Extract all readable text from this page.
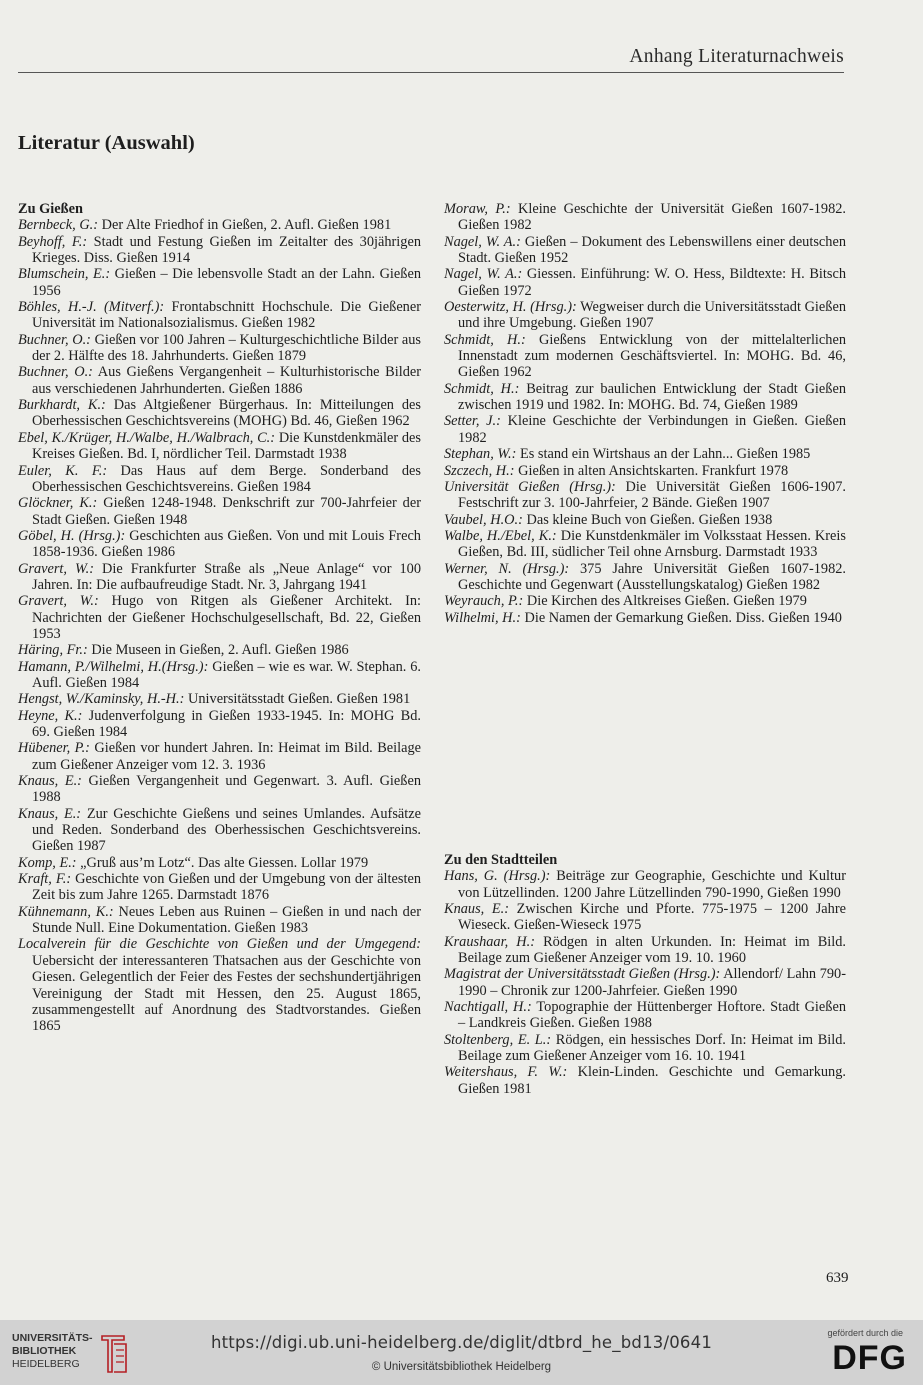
Anhang Literaturnachweis
Literatur (Auswahl)
Zu Gießen
Bernbeck, G.: Der Alte Friedhof in Gießen, 2. Aufl. Gießen 1981
Beyhoff, F.: Stadt und Festung Gießen im Zeitalter des 30jährigen Krieges. Diss. Gießen 1914
Blumschein, E.: Gießen – Die lebensvolle Stadt an der Lahn. Gießen 1956
Böhles, H.-J. (Mitverf.): Frontabschnitt Hochschule. Die Gießener Universität im Nationalsozialismus. Gießen 1982
Buchner, O.: Gießen vor 100 Jahren – Kulturgeschichtliche Bilder aus der 2. Hälfte des 18. Jahrhunderts. Gießen 1879
Buchner, O.: Aus Gießens Vergangenheit – Kulturhistorische Bilder aus verschiedenen Jahrhunderten. Gießen 1886
Burkhardt, K.: Das Altgießener Bürgerhaus. In: Mitteilungen des Oberhessischen Geschichtsvereins (MOHG) Bd. 46, Gießen 1962
Ebel, K./Krüger, H./Walbe, H./Walbrach, C.: Die Kunstdenkmäler des Kreises Gießen. Bd. I, nördlicher Teil. Darmstadt 1938
Euler, K. F.: Das Haus auf dem Berge. Sonderband des Oberhessischen Geschichtsvereins. Gießen 1984
Glöckner, K.: Gießen 1248-1948. Denkschrift zur 700-Jahrfeier der Stadt Gießen. Gießen 1948
Göbel, H. (Hrsg.): Geschichten aus Gießen. Von und mit Louis Frech 1858-1936. Gießen 1986
Gravert, W.: Die Frankfurter Straße als „Neue Anlage“ vor 100 Jahren. In: Die aufbaufreudige Stadt. Nr. 3, Jahrgang 1941
Gravert, W.: Hugo von Ritgen als Gießener Architekt. In: Nachrichten der Gießener Hochschulgesellschaft, Bd. 22, Gießen 1953
Häring, Fr.: Die Museen in Gießen, 2. Aufl. Gießen 1986
Hamann, P./Wilhelmi, H.(Hrsg.): Gießen – wie es war. W. Stephan. 6. Aufl. Gießen 1984
Hengst, W./Kaminsky, H.-H.: Universitätsstadt Gießen. Gießen 1981
Heyne, K.: Judenverfolgung in Gießen 1933-1945. In: MOHG Bd. 69. Gießen 1984
Hübener, P.: Gießen vor hundert Jahren. In: Heimat im Bild. Beilage zum Gießener Anzeiger vom 12. 3. 1936
Knaus, E.: Gießen Vergangenheit und Gegenwart. 3. Aufl. Gießen 1988
Knaus, E.: Zur Geschichte Gießens und seines Umlandes. Aufsätze und Reden. Sonderband des Oberhessischen Geschichtsvereins. Gießen 1987
Komp, E.: „Gruß aus’m Lotz“. Das alte Giessen. Lollar 1979
Kraft, F.: Geschichte von Gießen und der Umgebung von der ältesten Zeit bis zum Jahre 1265. Darmstadt 1876
Kühnemann, K.: Neues Leben aus Ruinen – Gießen in und nach der Stunde Null. Eine Dokumentation. Gießen 1983
Localverein für die Geschichte von Gießen und der Umgegend: Uebersicht der interessanteren Thatsachen aus der Geschichte von Giesen. Gelegentlich der Feier des Festes der sechshundertjährigen Vereinigung der Stadt mit Hessen, den 25. August 1865, zusammengestellt auf Anordnung des Stadtvorstandes. Gießen 1865
Moraw, P.: Kleine Geschichte der Universität Gießen 1607-1982. Gießen 1982
Nagel, W. A.: Gießen – Dokument des Lebenswillens einer deutschen Stadt. Gießen 1952
Nagel, W. A.: Giessen. Einführung: W. O. Hess, Bildtexte: H. Bitsch Gießen 1972
Oesterwitz, H. (Hrsg.): Wegweiser durch die Universitätsstadt Gießen und ihre Umgebung. Gießen 1907
Schmidt, H.: Gießens Entwicklung von der mittelalterlichen Innenstadt zum modernen Geschäftsviertel. In: MOHG. Bd. 46, Gießen 1962
Schmidt, H.: Beitrag zur baulichen Entwicklung der Stadt Gießen zwischen 1919 und 1982. In: MOHG. Bd. 74, Gießen 1989
Setter, J.: Kleine Geschichte der Verbindungen in Gießen. Gießen 1982
Stephan, W.: Es stand ein Wirtshaus an der Lahn... Gießen 1985
Szczech, H.: Gießen in alten Ansichtskarten. Frankfurt 1978
Universität Gießen (Hrsg.): Die Universität Gießen 1606-1907. Festschrift zur 3. 100-Jahrfeier, 2 Bände. Gießen 1907
Vaubel, H.O.: Das kleine Buch von Gießen. Gießen 1938
Walbe, H./Ebel, K.: Die Kunstdenkmäler im Volksstaat Hessen. Kreis Gießen, Bd. III, südlicher Teil ohne Arnsburg. Darmstadt 1933
Werner, N. (Hrsg.): 375 Jahre Universität Gießen 1607-1982. Geschichte und Gegenwart (Ausstellungskatalog) Gießen 1982
Weyrauch, P.: Die Kirchen des Altkreises Gießen. Gießen 1979
Wilhelmi, H.: Die Namen der Gemarkung Gießen. Diss. Gießen 1940
Zu den Stadtteilen
Hans, G. (Hrsg.): Beiträge zur Geographie, Geschichte und Kultur von Lützellinden. 1200 Jahre Lützellinden 790-1990, Gießen 1990
Knaus, E.: Zwischen Kirche und Pforte. 775-1975 – 1200 Jahre Wieseck. Gießen-Wieseck 1975
Kraushaar, H.: Rödgen in alten Urkunden. In: Heimat im Bild. Beilage zum Gießener Anzeiger vom 19. 10. 1960
Magistrat der Universitätsstadt Gießen (Hrsg.): Allendorf/ Lahn 790-1990 – Chronik zur 1200-Jahrfeier. Gießen 1990
Nachtigall, H.: Topographie der Hüttenberger Hoftore. Stadt Gießen – Landkreis Gießen. Gießen 1988
Stoltenberg, E. L.: Rödgen, ein hessisches Dorf. In: Heimat im Bild. Beilage zum Gießener Anzeiger vom 16. 10. 1941
Weitershaus, F. W.: Klein-Linden. Geschichte und Gemarkung. Gießen 1981
639
UNIVERSITÄTS-
BIBLIOTHEK
HEIDELBERG
https://digi.ub.uni-heidelberg.de/diglit/dtbrd_he_bd13/0641
© Universitätsbibliothek Heidelberg
gefördert durch die
DFG
